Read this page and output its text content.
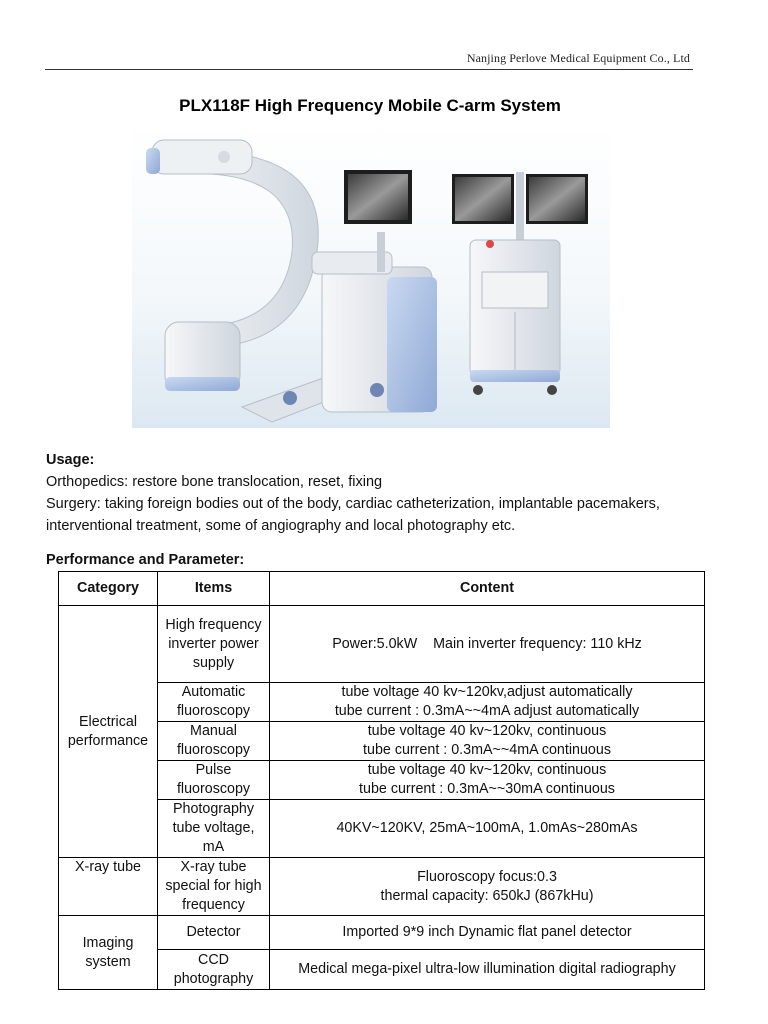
Nanjing Perlove Medical Equipment Co., Ltd
PLX118F High Frequency Mobile C-arm System
Usage:
Orthopedics: restore bone translocation, reset, fixing
Surgery: taking foreign bodies out of the body, cardiac catheterization, implantable pacemakers,
interventional treatment, some of angiography and local photography etc.
Performance and Parameter:
Category	Items	Content
Electrical performance	High frequency inverter power supply	Power:5.0kW    Main inverter frequency: 110 kHz
	Automatic fluoroscopy	tube voltage 40 kv~120kv,adjust automatically
tube current : 0.3mA~~4mA adjust automatically

	Manual fluoroscopy	tube voltage 40 kv~120kv, continuous
tube current : 0.3mA~~4mA continuous

	Pulse fluoroscopy	tube voltage 40 kv~120kv, continuous
tube current : 0.3mA~~30mA continuous

	Photography tube voltage, mA	40KV~120KV, 25mA~100mA, 1.0mAs~280mAs
X-ray tube	X-ray tube special for high frequency	Fluoroscopy focus:0.3
thermal capacity: 650kJ (867kHu)

Imaging system	Detector	Imported 9*9 inch Dynamic flat panel detector
	CCD photography	Medical mega-pixel ultra-low illumination digital radiography
